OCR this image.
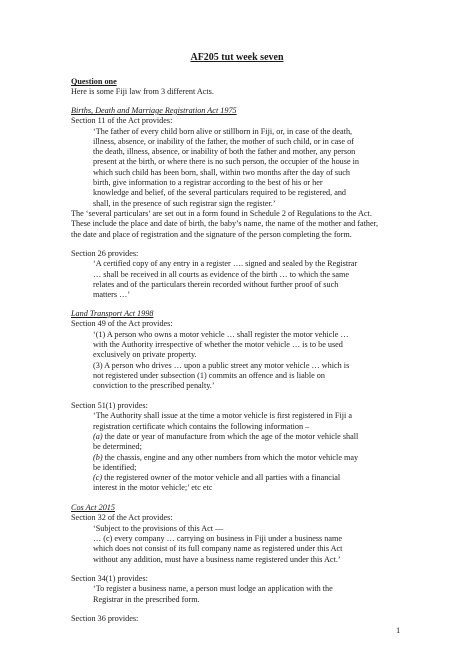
AF205 tut week seven
Question one
Here is some Fiji law from 3 different Acts.
Births, Death and Marriage Registration Act 1975
Section 11 of the Act provides:
‘The father of every child born alive or stillborn in Fiji, or, in case of the death,
illness, absence, or inability of the father, the mother of such child, or in case of
the death, illness, absence, or inability of both the father and mother, any person
present at the birth, or where there is no such person, the occupier of the house in
which such child has been born, shall, within two months after the day of such
birth, give information to a registrar according to the best of his or her
knowledge and belief, of the several particulars required to be registered, and
shall, in the presence of such registrar sign the register.’
The ‘several particulars’ are set out in a form found in Schedule 2 of Regulations to the Act.
These include the place and date of birth, the baby’s name, the name of the mother and father,
the date and place of registration and the signature of the person completing the form.
Section 26 provides:
‘A certified copy of any entry in a register …. signed and sealed by the Registrar
… shall be received in all courts as evidence of the birth … to which the same
relates and of the particulars therein recorded without further proof of such
matters …’
Land Transport Act 1998
Section 49 of the Act provides:
‘(1) A person who owns a motor vehicle … shall register the motor vehicle …
with the Authority irrespective of whether the motor vehicle … is to be used
exclusively on private property.
(3) A person who drives … upon a public street any motor vehicle … which is
not registered under subsection (1) commits an offence and is liable on
conviction to the prescribed penalty.’
Section 51(1) provides:
‘The Authority shall issue at the time a motor vehicle is first registered in Fiji a
registration certificate which contains the following information –
(a) the date or year of manufacture from which the age of the motor vehicle shall
be determined;
(b) the chassis, engine and any other numbers from which the motor vehicle may
be identified;
(c) the registered owner of the motor vehicle and all parties with a financial
interest in the motor vehicle;’ etc etc
Cos Act 2015
Section 32 of the Act provides:
‘Subject to the provisions of this Act —
… (c) every company … carrying on business in Fiji under a business name
which does not consist of its full company name as registered under this Act
without any addition, must have a business name registered under this Act.’
Section 34(1) provides:
‘To register a business name, a person must lodge an application with the
Registrar in the prescribed form.
Section 36 provides:
1
